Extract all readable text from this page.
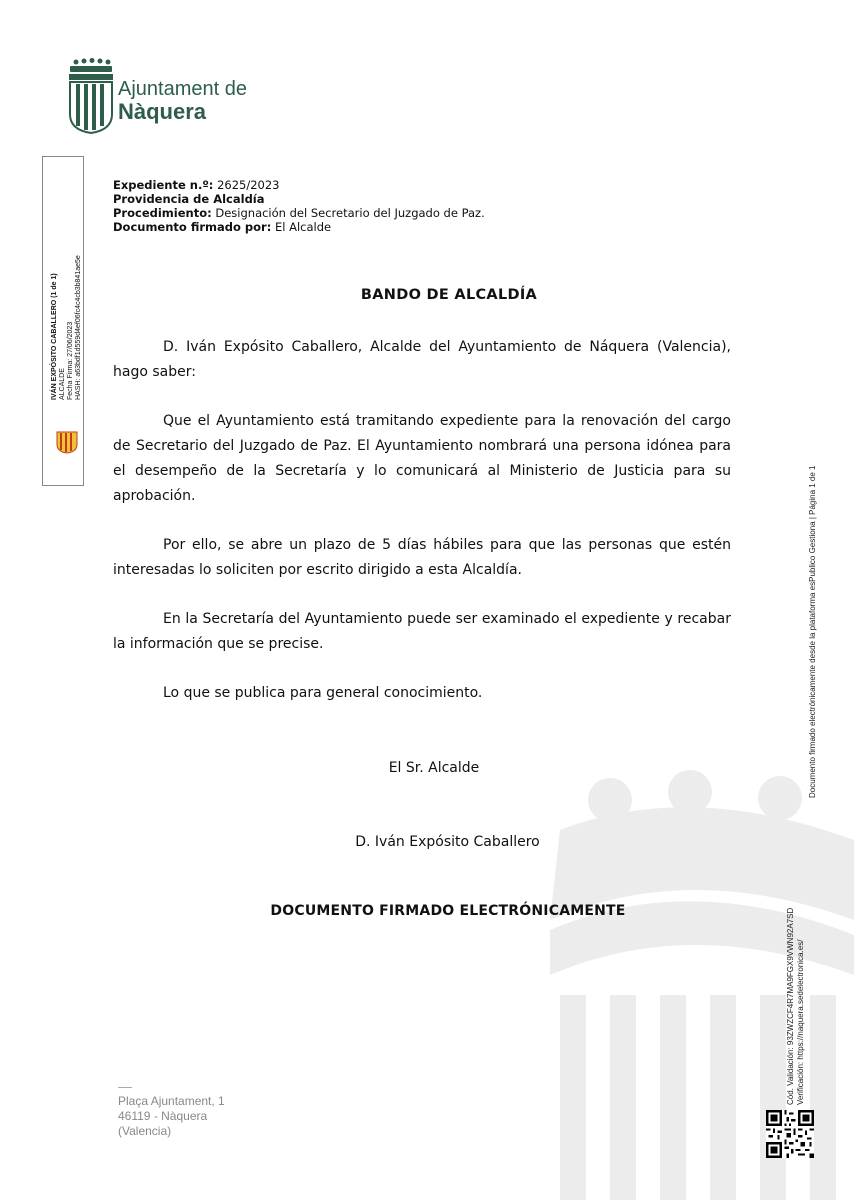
Ajuntament de
Nàquera
IVÁN EXPÓSITO CABALLERO (1 de 1) ALCALDE Fecha Firma: 27/06/2023 HASH: a63bdf1d559d4ef06fc4c4cb3b841ae5e
Expediente n.º: 2625/2023
Providencia de Alcaldía
Procedimiento: Designación del Secretario del Juzgado de Paz.
Documento firmado por: El Alcalde
BANDO DE ALCALDÍA
D. Iván Expósito Caballero, Alcalde del Ayuntamiento de Náquera (Valencia), hago saber:
Que el Ayuntamiento está tramitando expediente para la renovación del cargo de Secretario del Juzgado de Paz. El Ayuntamiento nombrará una persona idónea para el desempeño de la Secretaría y lo comunicará al Ministerio de Justicia para su aprobación.
Por ello, se abre un plazo de 5 días hábiles para que las personas que estén interesadas lo soliciten por escrito dirigido a esta Alcaldía.
En la Secretaría del Ayuntamiento puede ser examinado el expediente y recabar la información que se precise.
Lo que se publica para general conocimiento.
El Sr. Alcalde
D. Iván Expósito Caballero
DOCUMENTO FIRMADO ELECTRÓNICAMENTE
Plaça Ajuntament, 1
46119 - Nàquera
(Valencia)
Cód. Validación: 93ZWZCF4R7MA9FGX9VWN92A7SD Verificación: https://naquera.sedelectronica.es/
Documento firmado electrónicamente desde la plataforma esPublico Gestiona | Página 1 de 1
